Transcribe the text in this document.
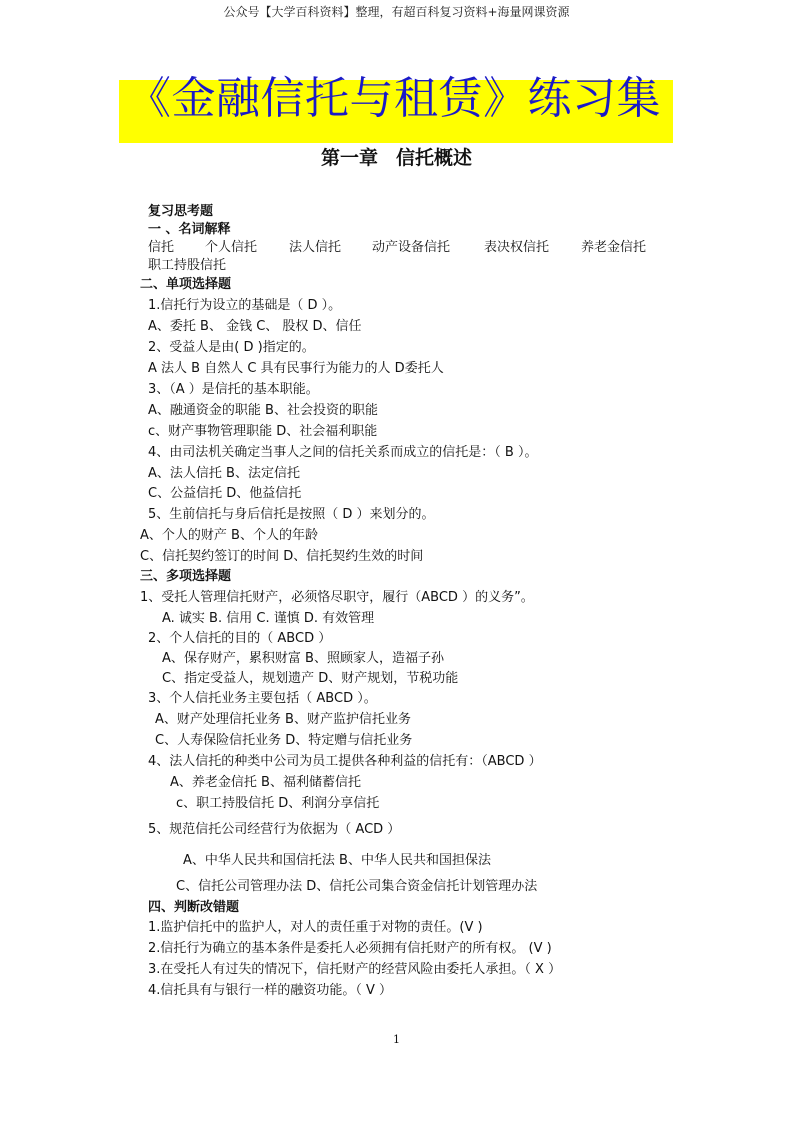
公众号【大学百科资料】整理，有超百科复习资料+海量网课资源
《金融信托与租赁》练习集
第一章 信托概述
复习思考题
一 、名词解释
信托 个人信托 法人信托 动产设备信托	表决权信托 养老金信托
职工持股信托
二、单项选择题
1.信托行为设立的基础是（ D ）。
A、委托 B、 金钱 C、 股权 D、信任
2、受益人是由( D )指定的。
A 法人 B 自然人 C 具有民事行为能力的人 D委托人
3、（A ）是信托的基本职能。
A、融通资金的职能 B、社会投资的职能
c、财产事物管理职能 D、社会福利职能
4、由司法机关确定当事人之间的信托关系而成立的信托是：（ B ）。
A、法人信托 B、法定信托
C、公益信托 D、他益信托
5、生前信托与身后信托是按照（ D ）来划分的。
A、个人的财产 B、个人的年龄
C、信托契约签订的时间 D、信托契约生效的时间
三、多项选择题
1、受托人管理信托财产，必须恪尽职守，履行（ABCD ）的义务”。
A. 诚实 B. 信用 C. 谨慎 D. 有效管理
2、个人信托的目的（ ABCD ）
A、保存财产，累积财富 B、照顾家人，造福子孙
C、指定受益人，规划遗产 D、财产规划，节税功能
3、个人信托业务主要包括（ ABCD ）。
A、财产处理信托业务 B、财产监护信托业务
C、人寿保险信托业务 D、特定赠与信托业务
4、法人信托的种类中公司为员工提供各种利益的信托有：（ABCD ）
A、养老金信托 B、福利储蓄信托
c、职工持股信托 D、利润分享信托
5、规范信托公司经营行为依据为（ ACD ）
A、中华人民共和国信托法 B、中华人民共和国担保法
C、信托公司管理办法 D、信托公司集合资金信托计划管理办法
四、判断改错题
1.监护信托中的监护人，对人的责任重于对物的责任。(V )
2.信托行为确立的基本条件是委托人必须拥有信托财产的所有权。 (V )
3.在受托人有过失的情况下，信托财产的经营风险由委托人承担。（ X ）
4.信托具有与银行一样的融资功能。（ V ）
1
